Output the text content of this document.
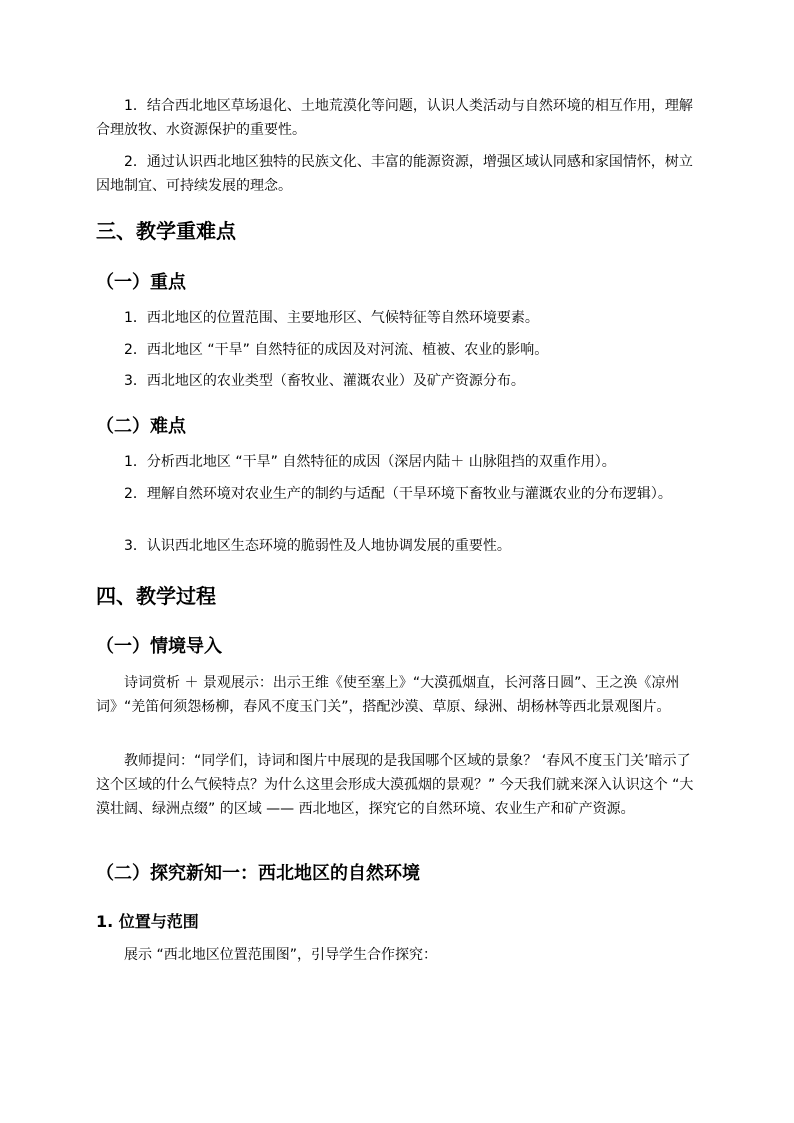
1．结合西北地区草场退化、土地荒漠化等问题，认识人类活动与自然环境的相互作用，理解合理放牧、水资源保护的重要性。
2．通过认识西北地区独特的民族文化、丰富的能源资源，增强区域认同感和家国情怀，树立因地制宜、可持续发展的理念。
三、教学重难点
（一）重点
1．西北地区的位置范围、主要地形区、气候特征等自然环境要素。
2．西北地区 “干旱” 自然特征的成因及对河流、植被、农业的影响。
3．西北地区的农业类型（畜牧业、灌溉农业）及矿产资源分布。
（二）难点
1．分析西北地区 “干旱” 自然特征的成因（深居内陆＋ 山脉阻挡的双重作用）。
2．理解自然环境对农业生产的制约与适配（干旱环境下畜牧业与灌溉农业的分布逻辑）。
3．认识西北地区生态环境的脆弱性及人地协调发展的重要性。
四、教学过程
（一）情境导入
诗词赏析 ＋ 景观展示：出示王维《使至塞上》“大漠孤烟直，长河落日圆”、王之涣《凉州词》“羌笛何须怨杨柳，春风不度玉门关”，搭配沙漠、草原、绿洲、胡杨林等西北景观图片。
教师提问：“同学们，诗词和图片中展现的是我国哪个区域的景象？ ‘春风不度玉门关’暗示了这个区域的什么气候特点？为什么这里会形成大漠孤烟的景观？” 今天我们就来深入认识这个 “大漠壮阔、绿洲点缀” 的区域 —— 西北地区，探究它的自然环境、农业生产和矿产资源。
（二）探究新知一：西北地区的自然环境
1. 位置与范围
展示 “西北地区位置范围图”，引导学生合作探究：
